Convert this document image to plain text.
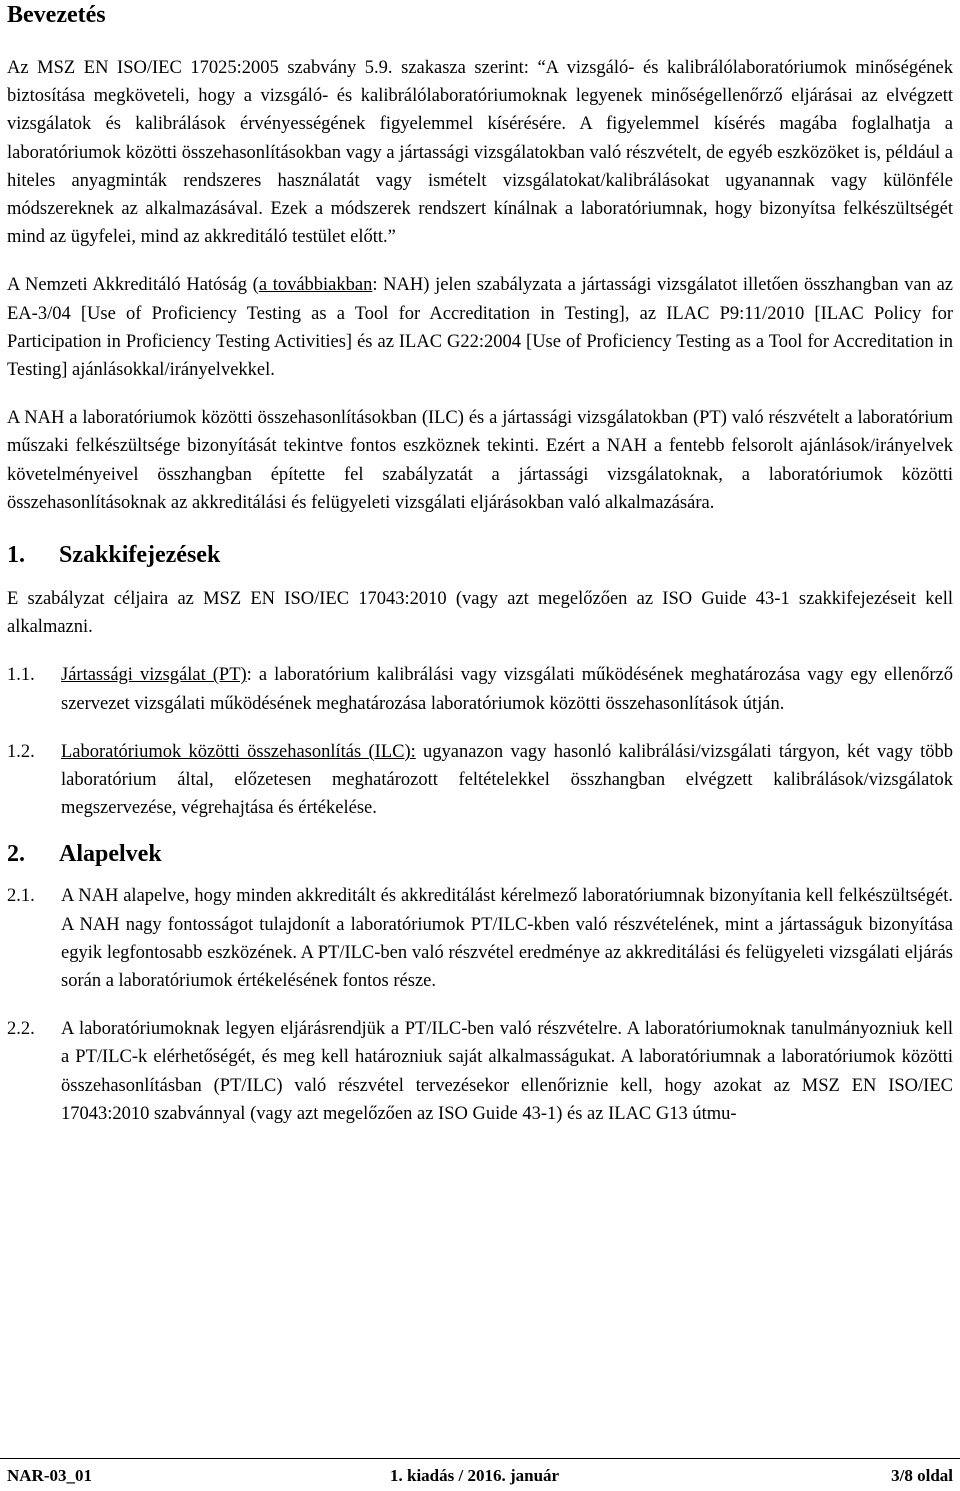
Bevezetés

Az MSZ EN ISO/IEC 17025:2005 szabvány 5.9. szakasza szerint: “A vizsgáló- és kalibrálólaboratóriumok minőségének biztosítása megköveteli, hogy a vizsgáló- és kalibrálólaboratóriumoknak legyenek minőségellenőrző eljárásai az elvégzett vizsgálatok és kalibrálások érvényességének figyelemmel kísérésére. A figyelemmel kísérés magába foglalhatja a laboratóriumok közötti összehasonlításokban vagy a jártassági vizsgálatokban való részvételt, de egyéb eszközöket is, például a hiteles anyagminták rendszeres használatát vagy ismételt vizsgálatokat/kalibrálásokat ugyanannak vagy különféle módszereknek az alkalmazásával. Ezek a módszerek rendszert kínálnak a laboratóriumnak, hogy bizonyítsa felkészültségét mind az ügyfelei, mind az akkreditáló testület előtt.”

A Nemzeti Akkreditáló Hatóság (a továbbiakban: NAH) jelen szabályzata a jártassági vizsgálatot illetően összhangban van az EA-3/04 [Use of Proficiency Testing as a Tool for Accreditation in Testing], az ILAC P9:11/2010 [ILAC Policy for Participation in Proficiency Testing Activities] és az ILAC G22:2004 [Use of Proficiency Testing as a Tool for Accreditation in Testing] ajánlásokkal/irányelvekkel.

A NAH a laboratóriumok közötti összehasonlításokban (ILC) és a jártassági vizsgálatokban (PT) való részvételt a laboratórium műszaki felkészültsége bizonyítását tekintve fontos eszköznek tekinti. Ezért a NAH a fentebb felsorolt ajánlások/irányelvek követelményeivel összhangban építette fel szabályzatát a jártassági vizsgálatoknak, a laboratóriumok közötti összehasonlításoknak az akkreditálási és felügyeleti vizsgálati eljárásokban való alkalmazására.

1.	Szakkifejezések

E szabályzat céljaira az MSZ EN ISO/IEC 17043:2010 (vagy azt megelőzően az ISO Guide 43-1 szakkifejezéseit kell alkalmazni.

1.1.	Jártassági vizsgálat (PT): a laboratórium kalibrálási vagy vizsgálati működésének meghatározása vagy egy ellenőrző szervezet vizsgálati működésének meghatározása laboratóriumok közötti összehasonlítások útján.
1.2.	Laboratóriumok közötti összehasonlítás (ILC): ugyanazon vagy hasonló kalibrálási/vizsgálati tárgyon, két vagy több laboratórium által, előzetesen meghatározott feltételekkel összhangban elvégzett kalibrálások/vizsgálatok megszervezése, végrehajtása és értékelése.
2.	Alapelvek
2.1.	A NAH alapelve, hogy minden akkreditált és akkreditálást kérelmező laboratóriumnak bizonyítania kell felkészültségét. A NAH nagy fontosságot tulajdonít a laboratóriumok PT/ILC-kben való részvételének, mint a jártasságuk bizonyítása egyik legfontosabb eszközének. A PT/ILC-ben való részvétel eredménye az akkreditálási és felügyeleti vizsgálati eljárás során a laboratóriumok értékelésének fontos része.
2.2.	A laboratóriumoknak legyen eljárásrendjük a PT/ILC-ben való részvételre. A laboratóriumoknak tanulmányozniuk kell a PT/ILC-k elérhetőségét, és meg kell határozniuk saját alkalmasságukat. A laboratóriumnak a laboratóriumok közötti összehasonlításban (PT/ILC) való részvétel tervezésekor ellenőriznie kell, hogy azokat az MSZ EN ISO/IEC 17043:2010 szabvánnyal (vagy azt megelőzően az ISO Guide 43-1) és az ILAC G13 útmu-
NAR-03_01	1. kiadás / 2016. január	3/8 oldal
